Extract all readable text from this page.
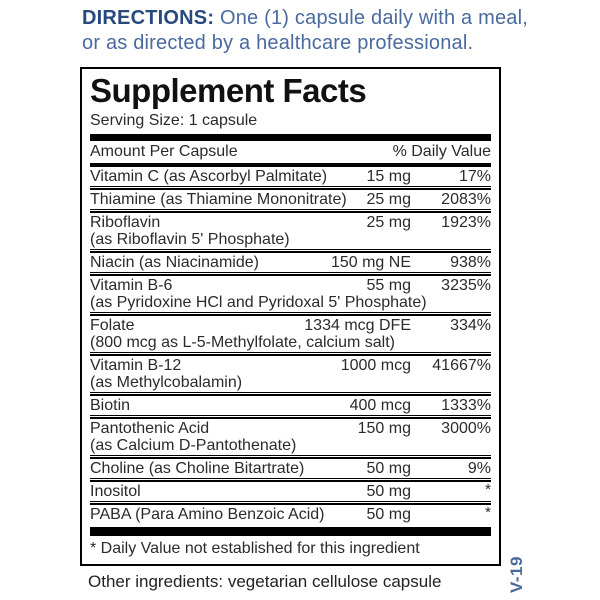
DIRECTIONS: One (1) capsule daily with a meal, or as directed by a healthcare professional.

Supplement Facts
Serving Size: 1 capsule
Amount Per Capsule	% Daily Value
Vitamin C (as Ascorbyl Palmitate)	15 mg	17%
Thiamine (as Thiamine Mononitrate)	25 mg 2083%
Riboflavin	25 mg 1923%
(as Riboflavin 5' Phosphate)
Niacin (as Niacinamide)	150 mg NE 938%
Vitamin B-6	55 mg 3235%
(as Pyridoxine HCl and Pyridoxal 5' Phosphate)
Folate	1334 mcg DFE 334%
(800 mcg as L-5-Methylfolate, calcium salt)
Vitamin B-12	1000 mcg 41667%
(as Methylcobalamin)
Biotin	400 mcg 1333%
Pantothenic Acid	150 mg 3000%
(as Calcium D-Pantothenate)
Choline (as Choline Bitartrate)	50 mg	9%
Inositol	50 mg	*
PABA (Para Amino Benzoic Acid)	50 mg	*
* Daily Value not established for this ingredient
V-19
Other ingredients: vegetarian cellulose capsule
